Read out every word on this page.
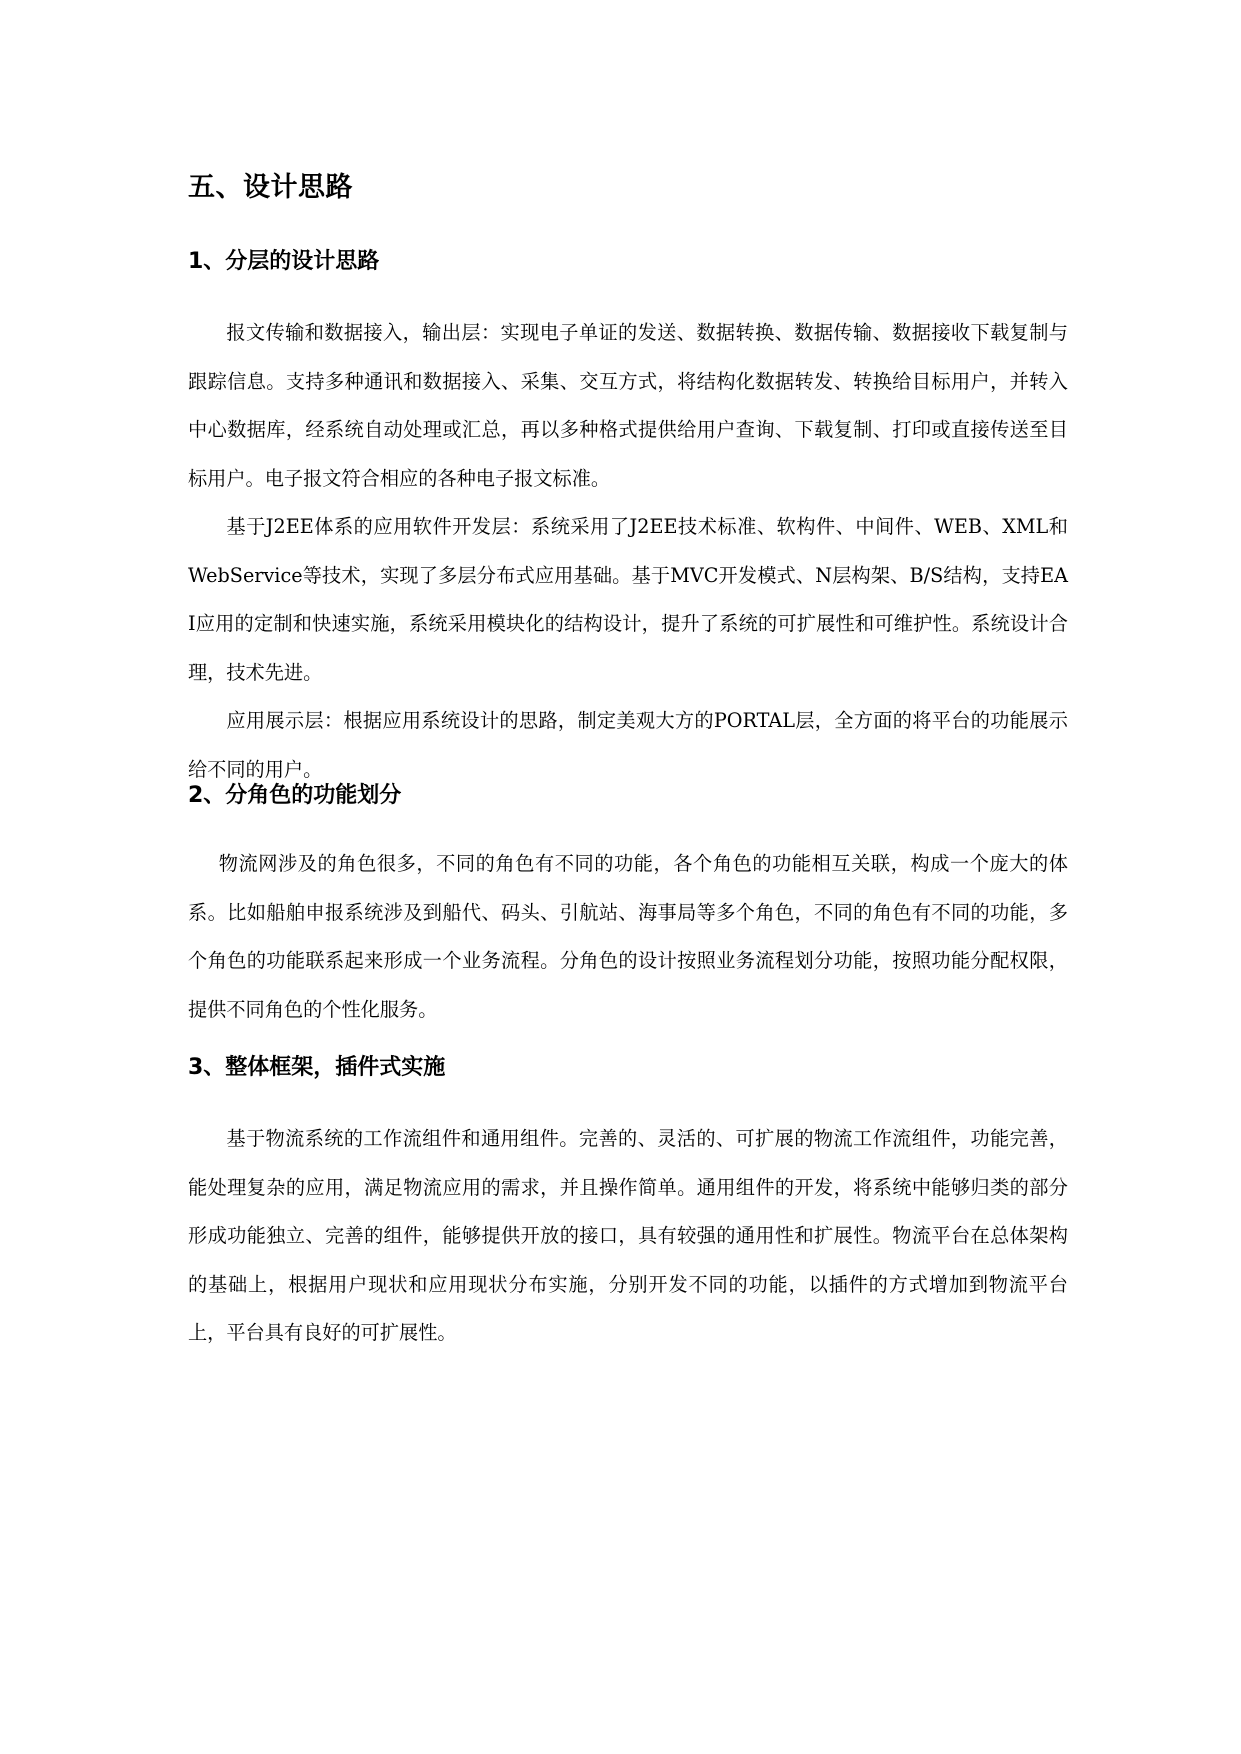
五、设计思路
1、分层的设计思路

报文传输和数据接入，输出层：实现电子单证的发送、数据转换、数据传输、数据接收下载复制与跟踪信息。支持多种通讯和数据接入、采集、交互方式，将结构化数据转发、转换给目标用户，并转入中心数据库，经系统自动处理或汇总，再以多种格式提供给用户查询、下载复制、打印或直接传送至目标用户。电子报文符合相应的各种电子报文标准。

基于J2EE体系的应用软件开发层：系统采用了J2EE技术标准、软构件、中间件、WEB、XML和WebService等技术，实现了多层分布式应用基础。基于MVC开发模式、N层构架、B/S结构，支持EAI应用的定制和快速实施，系统采用模块化的结构设计，提升了系统的可扩展性和可维护性。系统设计合理，技术先进。

应用展示层：根据应用系统设计的思路，制定美观大方的PORTAL层，全方面的将平台的功能展示给不同的用户。

2、分角色的功能划分

物流网涉及的角色很多，不同的角色有不同的功能，各个角色的功能相互关联，构成一个庞大的体系。比如船舶申报系统涉及到船代、码头、引航站、海事局等多个角色，不同的角色有不同的功能，多个角色的功能联系起来形成一个业务流程。分角色的设计按照业务流程划分功能，按照功能分配权限，提供不同角色的个性化服务。

3、整体框架，插件式实施

基于物流系统的工作流组件和通用组件。完善的、灵活的、可扩展的物流工作流组件，功能完善，能处理复杂的应用，满足物流应用的需求，并且操作简单。通用组件的开发，将系统中能够归类的部分形成功能独立、完善的组件，能够提供开放的接口，具有较强的通用性和扩展性。物流平台在总体架构的基础上，根据用户现状和应用现状分布实施，分别开发不同的功能，以插件的方式增加到物流平台上，平台具有良好的可扩展性。
